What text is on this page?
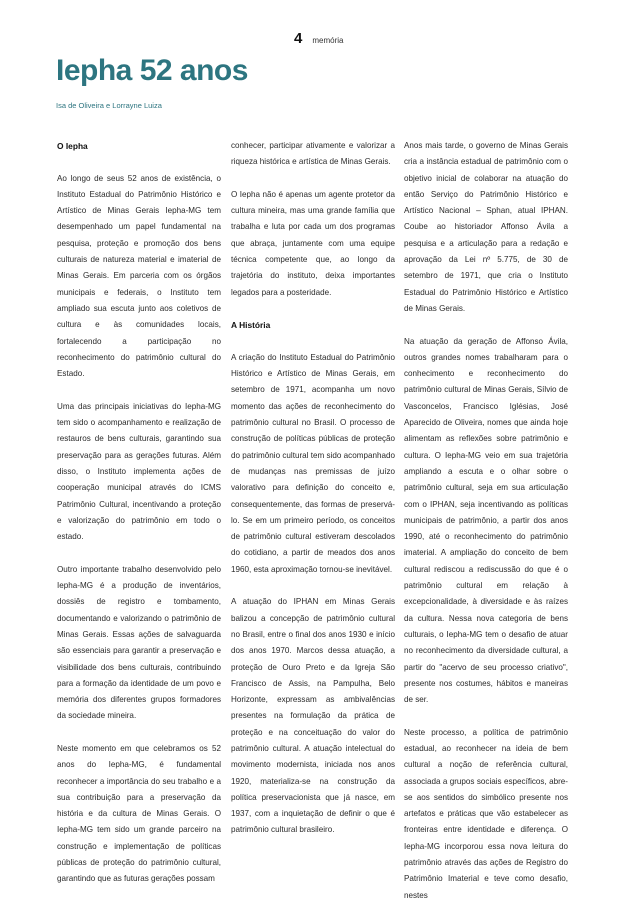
4 memória
Iepha 52 anos
Isa de Oliveira e Lorrayne Luiza
O Iepha

Ao longo de seus 52 anos de existência, o Instituto Estadual do Patrimônio Histórico e Artístico de Minas Gerais Iepha-MG tem desempenhado um papel fundamental na pesquisa, proteção e promoção dos bens culturais de natureza material e imaterial de Minas Gerais. Em parceria com os órgãos municipais e federais, o Instituto tem ampliado sua escuta junto aos coletivos de cultura e às comunidades locais, fortalecendo a participação no reconhecimento do patrimônio cultural do Estado.

Uma das principais iniciativas do Iepha-MG tem sido o acompanhamento e realização de restauros de bens culturais, garantindo sua preservação para as gerações futuras. Além disso, o Instituto implementa ações de cooperação municipal através do ICMS Patrimônio Cultural, incentivando a proteção e valorização do patrimônio em todo o estado.

Outro importante trabalho desenvolvido pelo Iepha-MG é a produção de inventários, dossiês de registro e tombamento, documentando e valorizando o patrimônio de Minas Gerais. Essas ações de salvaguarda são essenciais para garantir a preservação e visibilidade dos bens culturais, contribuindo para a formação da identidade de um povo e memória dos diferentes grupos formadores da sociedade mineira.

Neste momento em que celebramos os 52 anos do Iepha-MG, é fundamental reconhecer a importância do seu trabalho e a sua contribuição para a preservação da história e da cultura de Minas Gerais. O Iepha-MG tem sido um grande parceiro na construção e implementação de políticas públicas de proteção do patrimônio cultural, garantindo que as futuras gerações possam

conhecer, participar ativamente e valorizar a riqueza histórica e artística de Minas Gerais.

O Iepha não é apenas um agente protetor da cultura mineira, mas uma grande família que trabalha e luta por cada um dos programas que abraça, juntamente com uma equipe técnica competente que, ao longo da trajetória do instituto, deixa importantes legados para a posteridade.

A História

A criação do Instituto Estadual do Patrimônio Histórico e Artístico de Minas Gerais, em setembro de 1971, acompanha um novo momento das ações de reconhecimento do patrimônio cultural no Brasil. O processo de construção de políticas públicas de proteção do patrimônio cultural tem sido acompanhado de mudanças nas premissas de juízo valorativo para definição do conceito e, consequentemente, das formas de preservá-lo. Se em um primeiro período, os conceitos de patrimônio cultural estiveram descolados do cotidiano, a partir de meados dos anos 1960, esta aproximação tornou-se inevitável.

A atuação do IPHAN em Minas Gerais balizou a concepção de patrimônio cultural no Brasil, entre o final dos anos 1930 e início dos anos 1970. Marcos dessa atuação, a proteção de Ouro Preto e da Igreja São Francisco de Assis, na Pampulha, Belo Horizonte, expressam as ambivalências presentes na formulação da prática de proteção e na conceituação do valor do patrimônio cultural. A atuação intelectual do movimento modernista, iniciada nos anos 1920, materializa-se na construção da política preservacionista que já nasce, em 1937, com a inquietação de definir o que é patrimônio cultural brasileiro.

Anos mais tarde, o governo de Minas Gerais cria a instância estadual de patrimônio com o objetivo inicial de colaborar na atuação do então Serviço do Patrimônio Histórico e Artístico Nacional – Sphan, atual IPHAN. Coube ao historiador Affonso Ávila a pesquisa e a articulação para a redação e aprovação da Lei nº 5.775, de 30 de setembro de 1971, que cria o Instituto Estadual do Patrimônio Histórico e Artístico de Minas Gerais.

Na atuação da geração de Affonso Ávila, outros grandes nomes trabalharam para o conhecimento e reconhecimento do patrimônio cultural de Minas Gerais, Sílvio de Vasconcelos, Francisco Iglésias, José Aparecido de Oliveira, nomes que ainda hoje alimentam as reflexões sobre patrimônio e cultura. O Iepha-MG veio em sua trajetória ampliando a escuta e o olhar sobre o patrimônio cultural, seja em sua articulação com o IPHAN, seja incentivando as políticas municipais de patrimônio, a partir dos anos 1990, até o reconhecimento do patrimônio imaterial. A ampliação do conceito de bem cultural rediscou a rediscussão do que é o patrimônio cultural em relação à excepcionalidade, à diversidade e às raízes da cultura. Nessa nova categoria de bens culturais, o Iepha-MG tem o desafio de atuar no reconhecimento da diversidade cultural, a partir do "acervo de seu processo criativo", presente nos costumes, hábitos e maneiras de ser.

Neste processo, a política de patrimônio estadual, ao reconhecer na ideia de bem cultural a noção de referência cultural, associada a grupos sociais específicos, abre-se aos sentidos do simbólico presente nos artefatos e práticas que vão estabelecer as fronteiras entre identidade e diferença. O Iepha-MG incorporou essa nova leitura do patrimônio através das ações de Registro do Patrimônio Imaterial e teve como desafio, nestes
